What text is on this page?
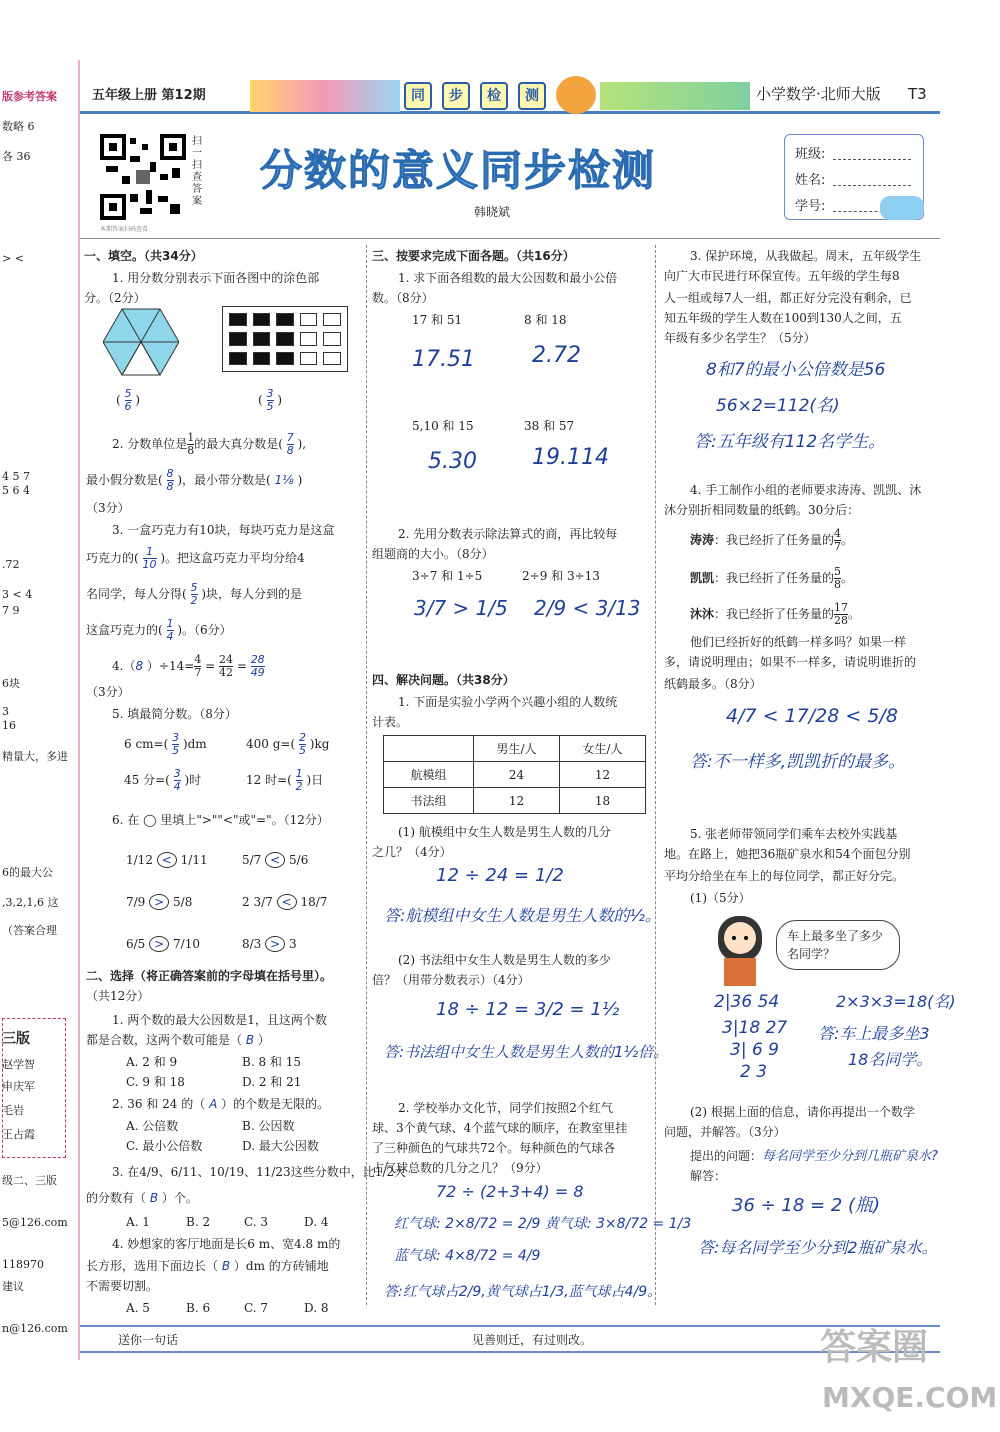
版参考答案
数略 6
各 36
> <
4 5 7
5 6 4
.72
3 < 4
7 9
6块
3
16
精量大，多进
6的最大公
,3,2,1,6 这
（答案合理
三版
赵学智
申庆军
毛岩
王占霞
级二、三版
5@126.com
118970
建议
n@126.com
五年级上册 第12期	同	步	检	测	小学数学·北师大版 T3
扫一扫 查答案
本期答案扫码查看
分数的意义同步检测
韩晓斌
班级:
姓名:
学号:
一、填空。（共34分）
1. 用分数分别表示下面各图中的涂色部
分。（2分）
( $\frac{5}{6}$ )	( $\frac{3}{5}$ )
2. 分数单位是 $\frac{1}{8}$ 的最大真分数是( $\frac{7}{8}$ ),
最小假分数是( $\frac{8}{8}$ )，最小带分数是( 1⅛ )
（3分）
3. 一盒巧克力有10块，每块巧克力是这盒
巧克力的( $\frac{1}{10}$ )。把这盒巧克力平均分给4
名同学，每人分得( $\frac{5}{2}$ )块，每人分到的是
这盒巧克力的( $\frac{1}{4}$ )。（6分）
4.（8 ）$\div 14= \frac{4}{7} = \frac{24}{42} = \frac{28}{49}$
（3分）
5. 填最简分数。（8分）
6 $cm=( \frac{3}{5} )dm$	400 $g=( \frac{2}{5} )kg$
45 分=( $\frac{3}{4}$ )时	12 时=( $\frac{1}{2}$ )日
6. 在 ◯ 里填上">""<"或"="。（12分）
1/12 < 1/11	5/7 < 5/6
7/9 > 5/8	2 3/7 < 18/7
6/5 > 7/10	8/3 > 3
二、选择（将正确答案前的字母填在括号里）。
（共12分）
1. 两个数的最大公因数是1，且这两个数
都是合数，这两个数可能是（ B ）
A. 2 和 9	B. 8 和 15
C. 9 和 18	D. 2 和 21
2. 36 和 24 的（ A ）的个数是无限的。
A. 公倍数	B. 公因数
C. 最小公倍数	D. 最大公因数
3. 在4/9、6/11、10/19、11/23这些分数中，比1/2大
的分数有（ B ）个。
A. 1	B. 2	C. 3	D. 4
4. 妙想家的客厅地面是长6 m、宽4.8 m的
长方形，选用下面边长（ B ）dm 的方砖铺地
不需要切割。
A. 5	B. 6	C. 7	D. 8
三、按要求完成下面各题。（共16分）
1. 求下面各组数的最大公因数和最小公倍
数。（8分）
17 和 51	8 和 18
17.51	2.72
5,10 和 15	38 和 57
5.30	19.114
2. 先用分数表示除法算式的商，再比较每
组题商的大小。（8分）
3÷7 和 1÷5	2÷9 和 3÷13
3/7 > 1/5 2/9 < 3/13
四、解决问题。（共38分）
1. 下面是实验小学两个兴趣小组的人数统
计表。
	男生/人	女生/人
航模组	24	12
书法组	12	18
(1) 航模组中女生人数是男生人数的几分
之几？（4分）
12 ÷ 24 = 1/2
答:航模组中女生人数是男生人数的½。
(2) 书法组中女生人数是男生人数的多少
倍？（用带分数表示）（4分）
18 ÷ 12 = 3/2 = 1½
答:书法组中女生人数是男生人数的1½倍。
2. 学校举办文化节，同学们按照2个红气
球、3个黄气球、4个蓝气球的顺序，在教室里挂
了三种颜色的气球共72个。每种颜色的气球各
占气球总数的几分之几？（9分）
72 ÷ (2+3+4) = 8
红气球: 2×8/72 = 2/9 黄气球: 3×8/72 = 1/3
蓝气球: 4×8/72 = 4/9
答:红气球占2/9,黄气球占1/3,蓝气球占4/9。
3. 保护环境，从我做起。周末，五年级学生
向广大市民进行环保宣传。五年级的学生每8
人一组或每7人一组，都正好分完没有剩余，已
知五年级的学生人数在100到130人之间，五
年级有多少名学生？（5分）
8和7的最小公倍数是56
56×2=112(名)
答:五年级有112名学生。
4. 手工制作小组的老师要求涛涛、凯凯、沐
沐分别折相同数量的纸鹤。30分后：
涛涛：我已经折了任务量的 $\frac{4}{7}$ 。
凯凯：我已经折了任务量的 $\frac{5}{8}$ 。
沐沐：我已经折了任务量的 $\frac{17}{28}$ 。
他们已经折好的纸鹤一样多吗？如果一样
多，请说明理由；如果不一样多，请说明谁折的
纸鹤最多。（8分）
4/7 < 17/28 < 5/8
答:不一样多,凯凯折的最多。
5. 张老师带领同学们乘车去校外实践基
地。在路上，她把36瓶矿泉水和54个面包分别
平均分给坐在车上的每位同学，都正好分完。
(1)（5分）
车上最多坐了多少名同学？
2|36 54
3|18 27
3| 6 9
2 3
2×3×3=18(名)
答:车上最多坐3
18名同学。
(2) 根据上面的信息，请你再提出一个数学
问题，并解答。（3分）
提出的问题：每名同学至少分到几瓶矿泉水?
解答：
36 ÷ 18 = 2 (瓶)
答:每名同学至少分到2瓶矿泉水。
送你一句话	见善则迁，有过则改。	答案圈
MXQE.COM
